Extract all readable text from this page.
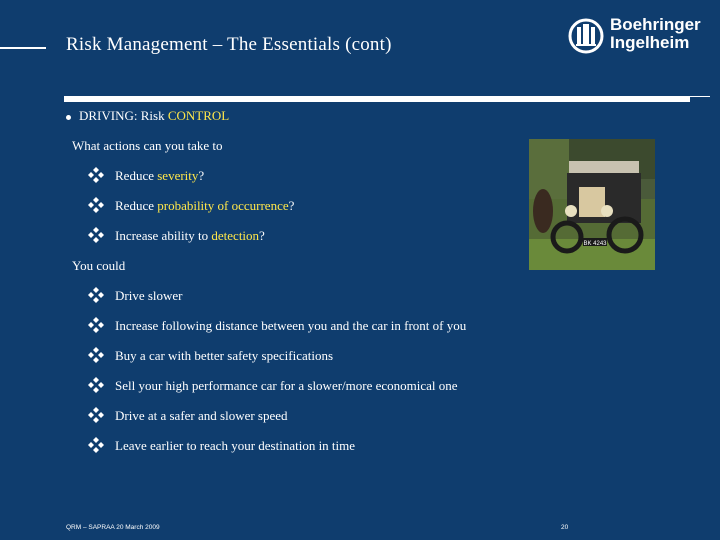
Risk Management – The Essentials (cont)
Boehringer
Ingelheim
DRIVING: Risk CONTROL
What actions can you take to
Reduce severity?
Reduce probability of occurrence?
Increase ability to detection?
You could
Drive slower
Increase following distance between you and the car in front of you
Buy a car with better safety specifications
Sell your high performance car for a slower/more economical one
Drive at a safer and slower speed
Leave earlier to reach your destination in time
BK 4243
QRM – SAPRAA 20 March 2009	20
